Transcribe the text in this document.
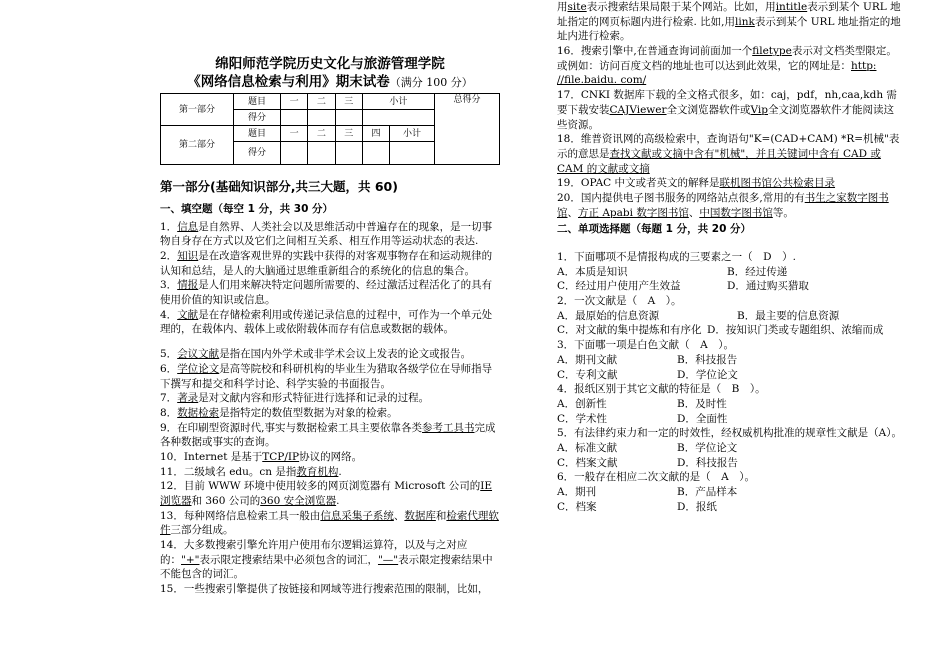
绵阳师范学院历史文化与旅游管理学院
《网络信息检索与利用》期末试卷（满分 100 分）
第一部分	题目	一	二	三	小计		总得分
	得分						
第二部分	题目	一	二	三	四	小计	
	得分						
第一部分(基础知识部分,共三大题，共 60)
一、填空题（每空 1 分，共 30 分）

1．信息是自然界、人类社会以及思维活动中普遍存在的现象，是一切事物自身存在方式以及它们之间相互关系、相互作用等运动状态的表达.

2．知识是在改造客观世界的实践中获得的对客观事物存在和运动规律的认知和总结，是人的大脑通过思维重新组合的系统化的信息的集合。

3．情报是人们用来解决特定问题所需要的、经过激活过程活化了的具有使用价值的知识或信息。

4．文献是在存储检索利用或传递记录信息的过程中，可作为一个单元处理的，在载体内、载体上或依附载体而存有信息或数据的载体。

5．会议文献是指在国内外学术或非学术会议上发表的论文或报告。

6．学位论文是高等院校和科研机构的毕业生为猎取各级学位在导师指导下撰写和提交和科学讨论、科学实验的书面报告。

7．著录是对文献内容和形式特征进行选择和记录的过程。

8．数据检索是指特定的数值型数据为对象的检索。

9．在印刷型资源时代,事实与数据检索工具主要依靠各类参考工具书完成各种数据或事实的查询。

10．Internet 是基于TCP/IP协议的网络。

11．二级域名 edu。cn 是指教育机构.

12．目前 WWW 环境中使用较多的网页浏览器有 Microsoft 公司的IE 浏览器和 360 公司的360 安全浏览器.

13．每种网络信息检索工具一般由信息采集子系统、数据库和检索代理软件三部分组成。

14．大多数搜索引擎允许用户使用布尔逻辑运算符，以及与之对应的："+"表示限定搜索结果中必须包含的词汇，"—"表示限定搜索结果中不能包含的词汇。

15．一些搜索引擎提供了按链接和网域等进行搜索范围的限制，比如，

用site表示搜索结果局限于某个网站。比如，用intitle表示到某个 URL 地址指定的网页标题内进行检索. 比如,用link表示到某个 URL 地址指定的地址内进行检索。

16．搜索引擎中,在普通查询词前面加一个filetype表示对文档类型限定。或例如：访问百度文档的地址也可以达到此效果，它的网址是：http: //file.baidu. com/

17．CNKI 数据库下载的全文格式很多，如：caj，pdf，nh,caa,kdh 需要下载安装CAJViewer全文浏览器软件或Vip全文浏览器软件才能阅读这些资源。

18．维普资讯网的高级检索中，查询语句"K=(CAD+CAM) *R=机械"表示的意思是查找文献或文摘中含有"机械"，并且关键词中含有 CAD 或 CAM 的文献或文摘

19．OPAC 中文或者英文的解释是联机图书馆公共检索目录

20．国内提供电子图书服务的网络站点很多,常用的有书生之家数字图书馆、方正 Apabi 数字图书馆、中国数字图书馆等。

二、单项选择题（每题 1 分，共 20 分）

1．下面哪项不是情报构成的三要素之一（　D　）.

A．本质是知识	B．经过传递
C．经过用户使用产生效益	D．通过购买猎取

2．一次文献是（　A　）。

A．最原始的信息资源	B．最主要的信息资源

C．对文献的集中提炼和有序化 D．按知识门类或专题组织、浓缩而成

3．下面哪一项是白色文献（　A　）。

A．期刊文献	B．科技报告
C．专利文献	D．学位论文

4．报纸区别于其它文献的特征是（　B　）。

A．创新性	B．及时性
C．学术性	D．全面性

5．有法律约束力和一定的时效性，经权威机构批准的规章性文献是（A）。

A．标准文献	B．学位论文
C．档案文献	D．科技报告

6．一般存在相应二次文献的是（　A　）。

A．期刊	B．产品样本
C．档案	D．报纸
